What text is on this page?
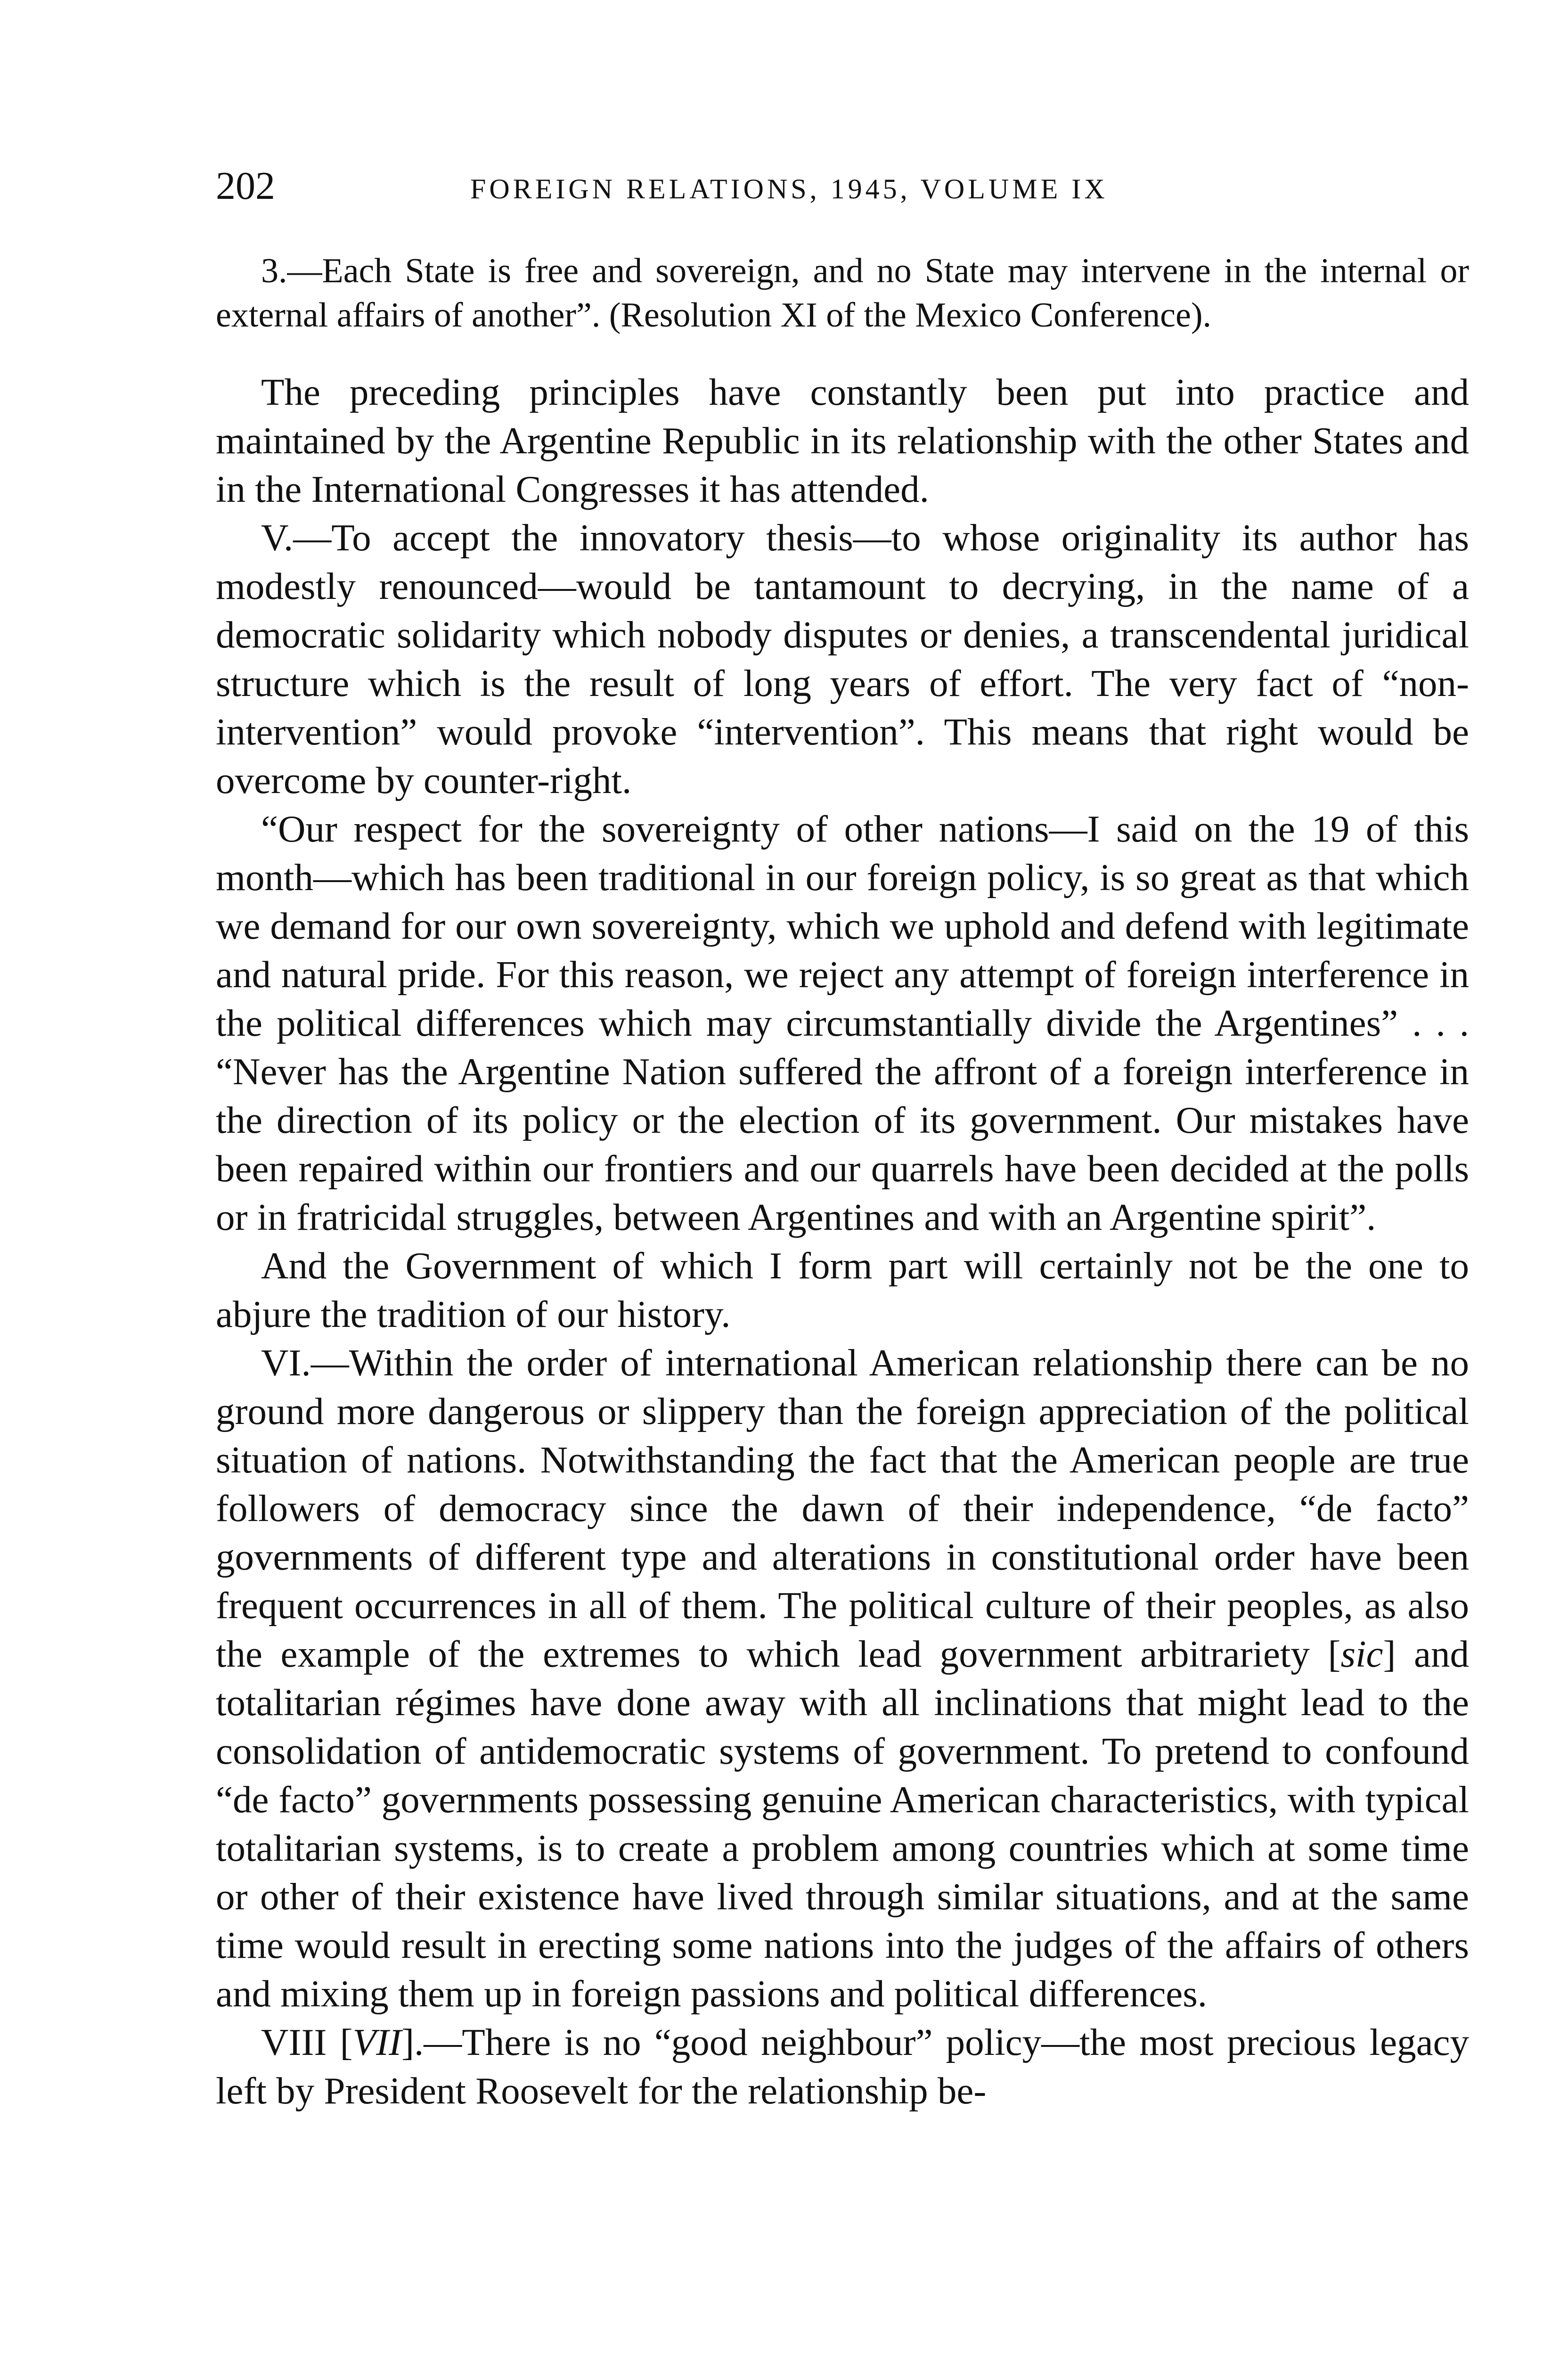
202	FOREIGN RELATIONS, 1945, VOLUME IX

3.—Each State is free and sovereign, and no State may intervene in the internal or external affairs of another”. (Resolution XI of the Mexico Conference).

The preceding principles have constantly been put into practice and maintained by the Argentine Republic in its relationship with the other States and in the International Congresses it has attended.

V.—To accept the innovatory thesis—to whose originality its author has modestly renounced—would be tantamount to decrying, in the name of a democratic solidarity which nobody disputes or denies, a transcendental juridical structure which is the result of long years of effort. The very fact of “non-intervention” would provoke “intervention”. This means that right would be overcome by counter-right.

“Our respect for the sovereignty of other nations—I said on the 19 of this month—which has been traditional in our foreign policy, is so great as that which we demand for our own sovereignty, which we uphold and defend with legitimate and natural pride. For this reason, we reject any attempt of foreign interference in the political differences which may circumstantially divide the Argentines” . . . “Never has the Argentine Nation suffered the affront of a foreign interference in the direction of its policy or the election of its government. Our mistakes have been repaired within our frontiers and our quarrels have been decided at the polls or in fratricidal struggles, between Argentines and with an Argentine spirit”.

And the Government of which I form part will certainly not be the one to abjure the tradition of our history.

VI.—Within the order of international American relationship there can be no ground more dangerous or slippery than the foreign appreciation of the political situation of nations. Notwithstanding the fact that the American people are true followers of democracy since the dawn of their independence, “de facto” governments of different type and alterations in constitutional order have been frequent occurrences in all of them. The political culture of their peoples, as also the example of the extremes to which lead government arbitrariety [sic] and totalitarian régimes have done away with all inclinations that might lead to the consolidation of antidemocratic systems of government. To pretend to confound “de facto” governments possessing genuine American characteristics, with typical totalitarian systems, is to create a problem among countries which at some time or other of their existence have lived through similar situations, and at the same time would result in erecting some nations into the judges of the affairs of others and mixing them up in foreign passions and political differences.

VIII [VII].—There is no “good neighbour” policy—the most precious legacy left by President Roosevelt for the relationship be-
